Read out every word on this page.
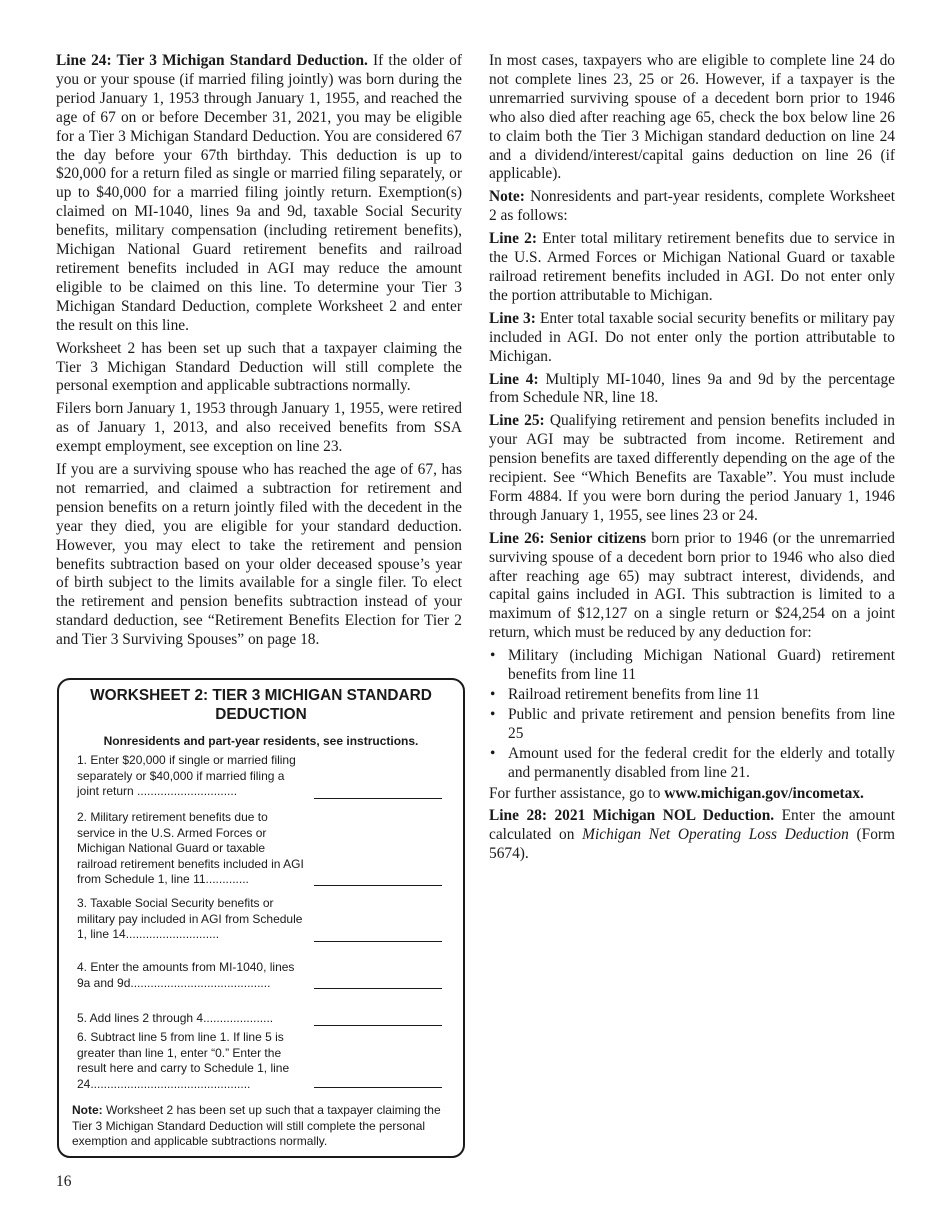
Line 24: Tier 3 Michigan Standard Deduction. If the older of you or your spouse (if married filing jointly) was born during the period January 1, 1953 through January 1, 1955, and reached the age of 67 on or before December 31, 2021, you may be eligible for a Tier 3 Michigan Standard Deduction. You are considered 67 the day before your 67th birthday. This deduction is up to $20,000 for a return filed as single or married filing separately, or up to $40,000 for a married filing jointly return. Exemption(s) claimed on MI-1040, lines 9a and 9d, taxable Social Security benefits, military compensation (including retirement benefits), Michigan National Guard retirement benefits and railroad retirement benefits included in AGI may reduce the amount eligible to be claimed on this line. To determine your Tier 3 Michigan Standard Deduction, complete Worksheet 2 and enter the result on this line.

Worksheet 2 has been set up such that a taxpayer claiming the Tier 3 Michigan Standard Deduction will still complete the personal exemption and applicable subtractions normally.

Filers born January 1, 1953 through January 1, 1955, were retired as of January 1, 2013, and also received benefits from SSA exempt employment, see exception on line 23.

If you are a surviving spouse who has reached the age of 67, has not remarried, and claimed a subtraction for retirement and pension benefits on a return jointly filed with the decedent in the year they died, you are eligible for your standard deduction. However, you may elect to take the retirement and pension benefits subtraction based on your older deceased spouse’s year of birth subject to the limits available for a single filer. To elect the retirement and pension benefits subtraction instead of your standard deduction, see “Retirement Benefits Election for Tier 2 and Tier 3 Surviving Spouses” on page 18.

WORKSHEET 2: TIER 3 MICHIGAN STANDARD DEDUCTION
Nonresidents and part-year residents, see instructions.
1. Enter $20,000 if single or married filing separately or $40,000 if married filing a joint return ..............................
2. Military retirement benefits due to service in the U.S. Armed Forces or Michigan National Guard or taxable railroad retirement benefits included in AGI from Schedule 1, line 11.............
3. Taxable Social Security benefits or military pay included in AGI from Schedule 1, line 14............................
4. Enter the amounts from MI-1040, lines 9a and 9d..........................................
5. Add lines 2 through 4.....................
6. Subtract line 5 from line 1. If line 5 is greater than line 1, enter “0.” Enter the result here and carry to Schedule 1, line 24................................................
Note: Worksheet 2 has been set up such that a taxpayer claiming the Tier 3 Michigan Standard Deduction will still complete the personal exemption and applicable subtractions normally.

In most cases, taxpayers who are eligible to complete line 24 do not complete lines 23, 25 or 26. However, if a taxpayer is the unremarried surviving spouse of a decedent born prior to 1946 who also died after reaching age 65, check the box below line 26 to claim both the Tier 3 Michigan standard deduction on line 24 and a dividend/interest/capital gains deduction on line 26 (if applicable).

Note: Nonresidents and part-year residents, complete Worksheet 2 as follows:

Line 2: Enter total military retirement benefits due to service in the U.S. Armed Forces or Michigan National Guard or taxable railroad retirement benefits included in AGI. Do not enter only the portion attributable to Michigan.

Line 3: Enter total taxable social security benefits or military pay included in AGI. Do not enter only the portion attributable to Michigan.

Line 4: Multiply MI-1040, lines 9a and 9d by the percentage from Schedule NR, line 18.

Line 25: Qualifying retirement and pension benefits included in your AGI may be subtracted from income. Retirement and pension benefits are taxed differently depending on the age of the recipient. See “Which Benefits are Taxable”. You must include Form 4884. If you were born during the period January 1, 1946 through January 1, 1955, see lines 23 or 24.

Line 26: Senior citizens born prior to 1946 (or the unremarried surviving spouse of a decedent born prior to 1946 who also died after reaching age 65) may subtract interest, dividends, and capital gains included in AGI. This subtraction is limited to a maximum of $12,127 on a single return or $24,254 on a joint return, which must be reduced by any deduction for:

• Military (including Michigan National Guard) retirement benefits from line 11
• Railroad retirement benefits from line 11
• Public and private retirement and pension benefits from line 25
• Amount used for the federal credit for the elderly and totally and permanently disabled from line 21.

For further assistance, go to www.michigan.gov/incometax.

Line 28: 2021 Michigan NOL Deduction. Enter the amount calculated on Michigan Net Operating Loss Deduction (Form 5674).

16
